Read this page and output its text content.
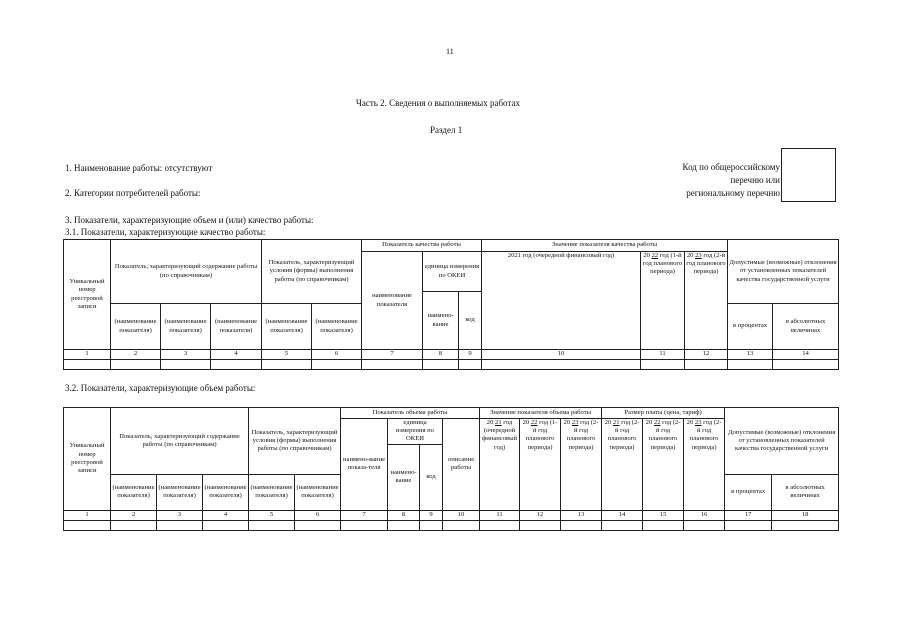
11
Часть 2. Сведения о выполняемых работах
Раздел 1
1. Наименование работы: отсутствуют
2. Категории потребителей работы:
Код по общероссийскому
перечню или
региональному перечню
3. Показатели, характеризующие объем и (или) качество работы:
3.1. Показатели, характеризующие качество работы:
Уникальный номер реестровой записи	Показатель, характеризующий содержание работы (по справочникам)			Показатель, характеризующий условия (формы) выполнения работы (по справочникам)		Показатель качества работы			Значение показателя качества работы			Допустимые (возможные) отклонения от установленных показателей качества государственной услуги	
						наименование показателя	единица измерения по ОКЕИ		2021 год (очередной финансовый год)	20 22 год (1-й год планового периода)	20 23 год (2-й год планового периода)		
							наимено-вание	код					
	(наименование показателя)	(наименование показателя)	(наименование показателя)	(наименование показателя)	(наименование показателя)							в процентах	в абсолютных величинах
1	2	3	4	5	6	7	8	9	10	11	12	13	14

3.2. Показатели, характеризующие объем работы:
Уникальный номер реестровой записи	Показатель, характеризующий содержание работы (по справочникам)			Показатель, характеризующий условия (формы) выполнения работы (по справочникам)		Показатель объема работы				Значение показателя объема работы			Размер платы (цена, тариф)			Допустимые (возможные) отклонения от установленных показателей качества государственной услуги	
						наимено-вание показа-теля	единица измерения по ОКЕИ		описание работы	20 21 год (очередной финансовый год)	20 22 год (1-й год планового периода)	20 23 год (2-й год планового периода)	20 21 год (2-й год планового периода)	20 22 год (2-й год планового периода)	20 23 год (2-й год планового периода)		
							наимено-вание	код									
	(наименование показателя)	(наименование показателя)	(наименование показателя)	(наименование показателя)	(наименование показателя)											в процентах	в абсолютных величинах
1	2	3	4	5	6	7	8	9	10	11	12	13	14	15	16	17	18
